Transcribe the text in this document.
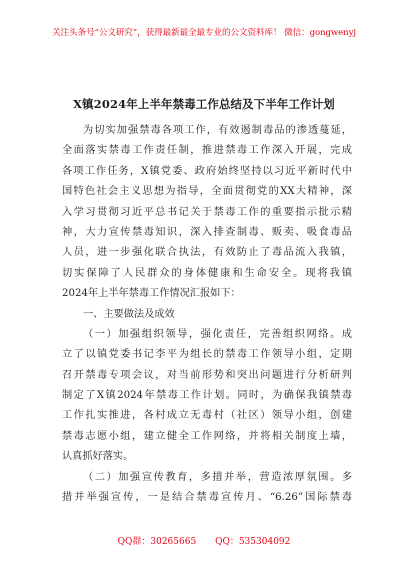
关注头条号“公文研究”，获得最新最全最专业的公文资料库！ 微信：gongwenyj
X镇2024年上半年禁毒工作总结及下半年工作计划
为切实加强禁毒各项工作，有效遏制毒品的渗透蔓延，
全面落实禁毒工作责任制，推进禁毒工作深入开展，完成
各项工作任务，X镇党委、政府始终坚持以习近平新时代中
国特色社会主义思想为指导，全面贯彻党的XX大精神，深
入学习贯彻习近平总书记关于禁毒工作的重要指示批示精
神，大力宣传禁毒知识，深入排查制毒、贩卖、吸食毒品
人员，进一步强化联合执法，有效防止了毒品流入我镇，
切实保障了人民群众的身体健康和生命安全。现将我镇
2024年上半年禁毒工作情况汇报如下：
一、主要做法及成效
（一）加强组织领导，强化责任，完善组织网络。成
立了以镇党委书记李平为组长的禁毒工作领导小组，定期
召开禁毒专项会议，对当前形势和突出问题进行分析研判
制定了X镇2024年禁毒工作计划。同时，为确保我镇禁毒
工作扎实推进，各村成立无毒村（社区）领导小组，创建
禁毒志愿小组，建立健全工作网络，并将相关制度上墙，
认真抓好落实。
（二）加强宣传教育，多措并举，营造浓厚氛围。多
措并举强宣传，一是结合禁毒宣传月、“6.26”国际禁毒
QQ群：30265665 QQ：535304092
